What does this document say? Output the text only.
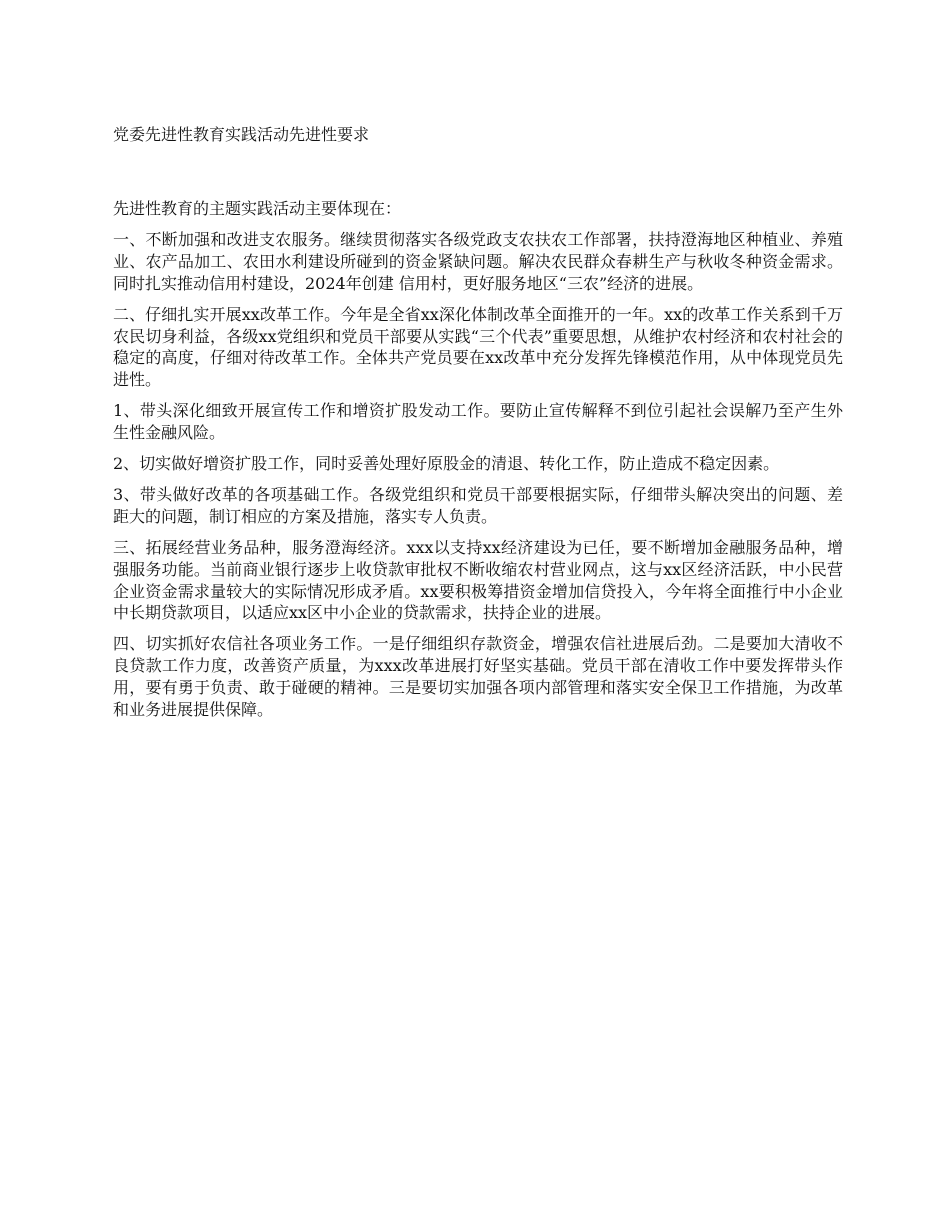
党委先进性教育实践活动先进性要求

先进性教育的主题实践活动主要体现在：

一、不断加强和改进支农服务。继续贯彻落实各级党政支农扶农工作部署，扶持澄海地区种植业、养殖业、农产品加工、农田水利建设所碰到的资金紧缺问题。解决农民群众春耕生产与秋收冬种资金需求。同时扎实推动信用村建设，2024年创建 信用村，更好服务地区“三农”经济的进展。

二、仔细扎实开展xx改革工作。今年是全省xx深化体制改革全面推开的一年。xx的改革工作关系到千万农民切身利益，各级xx党组织和党员干部要从实践“三个代表”重要思想，从维护农村经济和农村社会的稳定的高度，仔细对待改革工作。全体共产党员要在xx改革中充分发挥先锋模范作用，从中体现党员先进性。

1、带头深化细致开展宣传工作和增资扩股发动工作。要防止宣传解释不到位引起社会误解乃至产生外生性金融风险。

2、切实做好增资扩股工作，同时妥善处理好原股金的清退、转化工作，防止造成不稳定因素。

3、带头做好改革的各项基础工作。各级党组织和党员干部要根据实际，仔细带头解决突出的问题、差距大的问题，制订相应的方案及措施，落实专人负责。

三、拓展经营业务品种，服务澄海经济。xxx以支持xx经济建设为已任，要不断增加金融服务品种，增强服务功能。当前商业银行逐步上收贷款审批权不断收缩农村营业网点，这与xx区经济活跃，中小民营企业资金需求量较大的实际情况形成矛盾。xx要积极筹措资金增加信贷投入，今年将全面推行中小企业中长期贷款项目，以适应xx区中小企业的贷款需求，扶持企业的进展。

四、切实抓好农信社各项业务工作。一是仔细组织存款资金，增强农信社进展后劲。二是要加大清收不良贷款工作力度，改善资产质量，为xxx改革进展打好坚实基础。党员干部在清收工作中要发挥带头作用，要有勇于负责、敢于碰硬的精神。三是要切实加强各项内部管理和落实安全保卫工作措施，为改革和业务进展提供保障。
